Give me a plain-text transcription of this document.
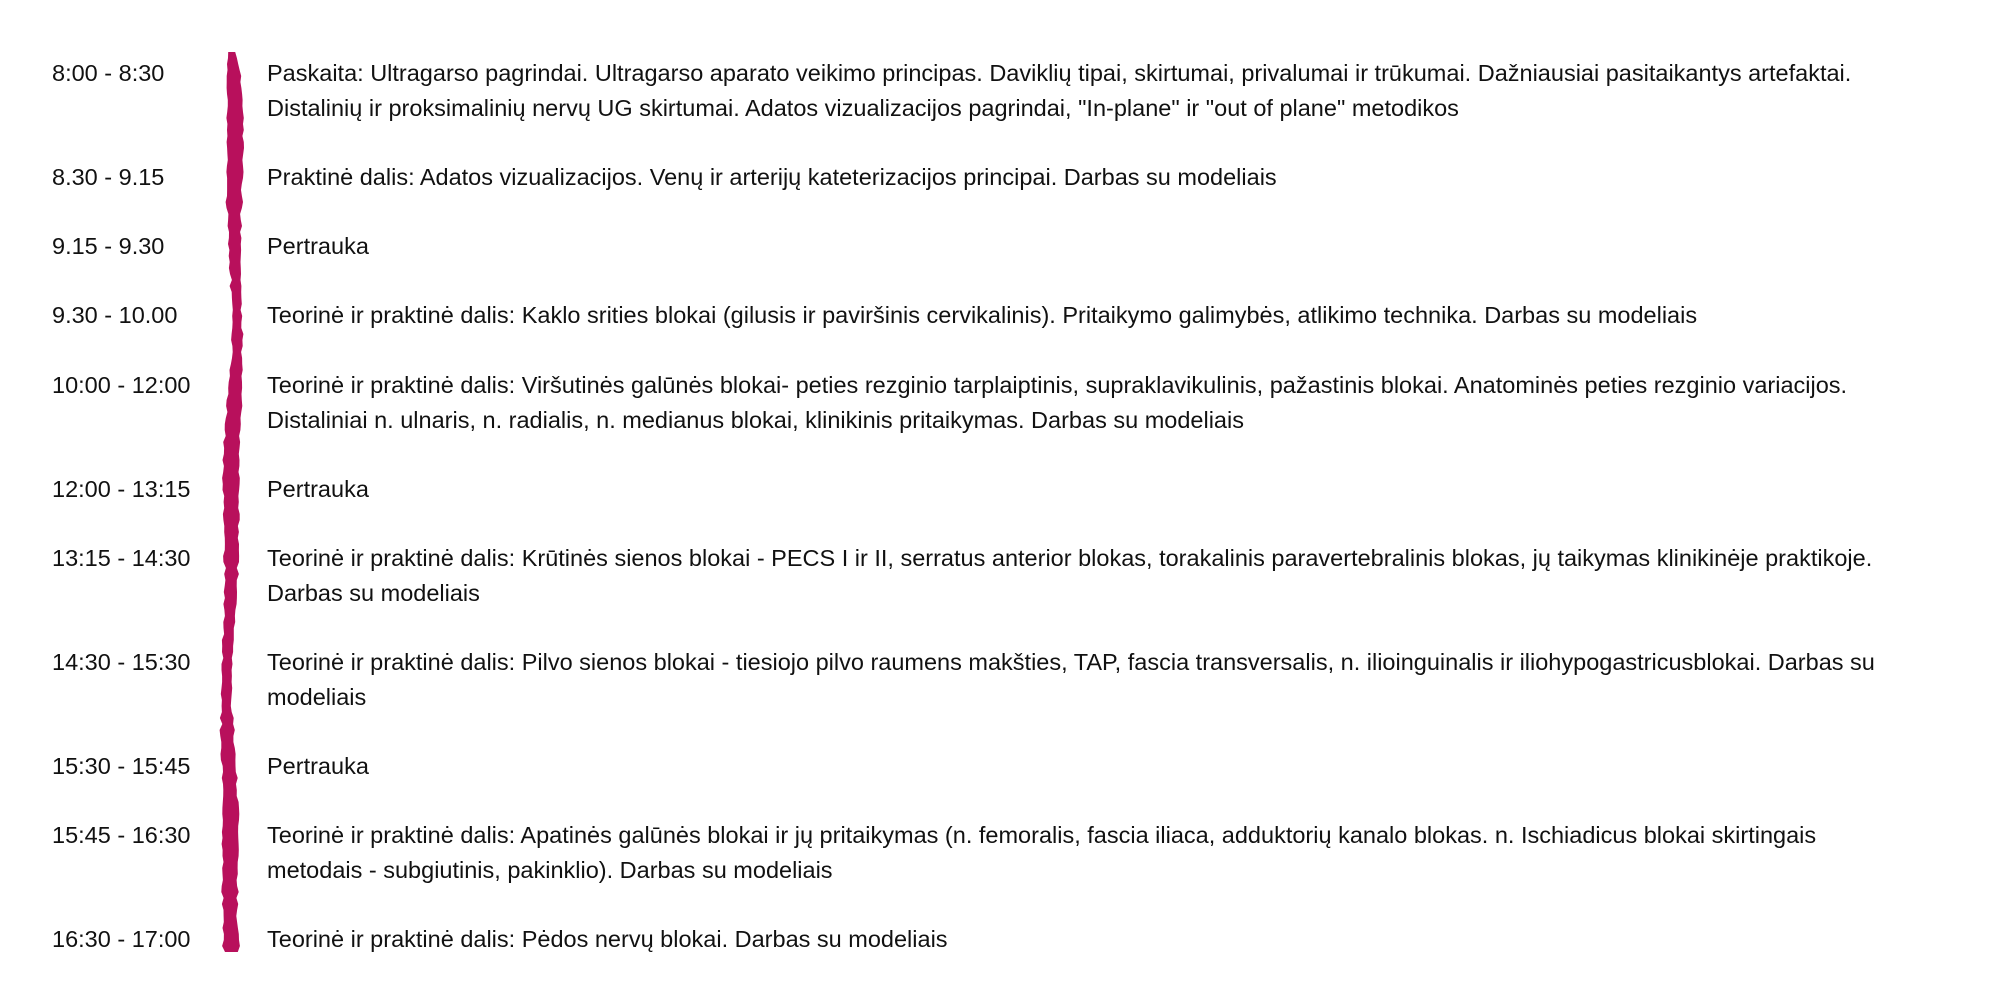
8:00 - 8:30	Paskaita: Ultragarso pagrindai. Ultragarso aparato veikimo principas. Daviklių tipai, skirtumai, privalumai ir trūkumai. Dažniausiai pasitaikantys artefaktai.
Distalinių ir proksimalinių nervų UG skirtumai. Adatos vizualizacijos pagrindai, "In-plane" ir "out of plane" metodikos
8.30 - 9.15	Praktinė dalis: Adatos vizualizacijos. Venų ir arterijų kateterizacijos principai. Darbas su modeliais
9.15 - 9.30	Pertrauka
9.30 - 10.00	Teorinė ir praktinė dalis: Kaklo srities blokai (gilusis ir paviršinis cervikalinis). Pritaikymo galimybės, atlikimo technika. Darbas su modeliais
10:00 - 12:00	Teorinė ir praktinė dalis: Viršutinės galūnės blokai- peties rezginio tarplaiptinis, supraklavikulinis, pažastinis blokai. Anatominės peties rezginio variacijos.
Distaliniai n. ulnaris, n. radialis, n. medianus blokai, klinikinis pritaikymas. Darbas su modeliais
12:00 - 13:15	Pertrauka
13:15 - 14:30	Teorinė ir praktinė dalis: Krūtinės sienos blokai - PECS I ir II, serratus anterior blokas, torakalinis paravertebralinis blokas, jų taikymas klinikinėje praktikoje.
Darbas su modeliais
14:30 - 15:30	Teorinė ir praktinė dalis: Pilvo sienos blokai - tiesiojo pilvo raumens makšties, TAP, fascia transversalis, n. ilioinguinalis ir iliohypogastricusblokai. Darbas su
modeliais
15:30 - 15:45	Pertrauka
15:45 - 16:30	Teorinė ir praktinė dalis: Apatinės galūnės blokai ir jų pritaikymas (n. femoralis, fascia iliaca, adduktorių kanalo blokas. n. Ischiadicus blokai skirtingais
metodais - subgiutinis, pakinklio). Darbas su modeliais
16:30 - 17:00	Teorinė ir praktinė dalis: Pėdos nervų blokai. Darbas su modeliais
